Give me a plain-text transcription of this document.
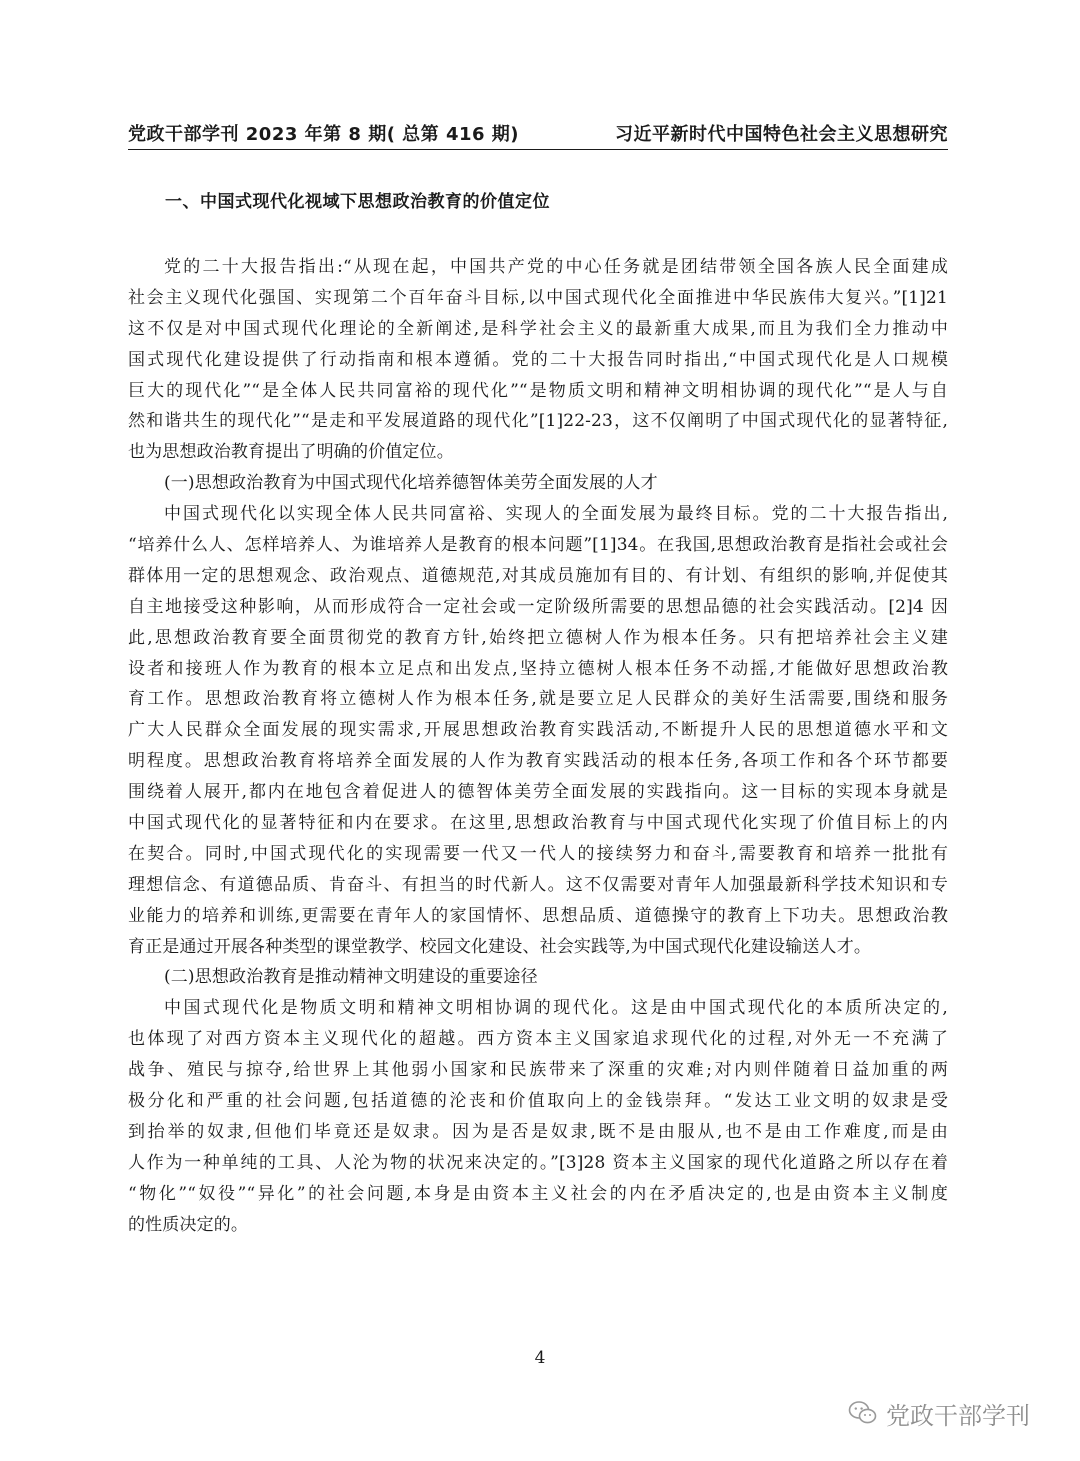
党政干部学刊 2023 年第 8 期( 总第 416 期)	习近平新时代中国特色社会主义思想研究
一、中国式现代化视域下思想政治教育的价值定位
党的二十大报告指出:“从现在起，中国共产党的中心任务就是团结带领全国各族人民全面建成
社会主义现代化强国、实现第二个百年奋斗目标,以中国式现代化全面推进中华民族伟大复兴。”[1]21
这不仅是对中国式现代化理论的全新阐述,是科学社会主义的最新重大成果,而且为我们全力推动中
国式现代化建设提供了行动指南和根本遵循。党的二十大报告同时指出,“中国式现代化是人口规模
巨大的现代化”“是全体人民共同富裕的现代化”“是物质文明和精神文明相协调的现代化”“是人与自
然和谐共生的现代化”“是走和平发展道路的现代化”[1]22-23，这不仅阐明了中国式现代化的显著特征,
也为思想政治教育提出了明确的价值定位。
(一)思想政治教育为中国式现代化培养德智体美劳全面发展的人才
中国式现代化以实现全体人民共同富裕、实现人的全面发展为最终目标。党的二十大报告指出,
“培养什么人、怎样培养人、为谁培养人是教育的根本问题”[1]34。在我国,思想政治教育是指社会或社会
群体用一定的思想观念、政治观点、道德规范,对其成员施加有目的、有计划、有组织的影响,并促使其
自主地接受这种影响，从而形成符合一定社会或一定阶级所需要的思想品德的社会实践活动。[2]4 因
此,思想政治教育要全面贯彻党的教育方针,始终把立德树人作为根本任务。只有把培养社会主义建
设者和接班人作为教育的根本立足点和出发点,坚持立德树人根本任务不动摇,才能做好思想政治教
育工作。思想政治教育将立德树人作为根本任务,就是要立足人民群众的美好生活需要,围绕和服务
广大人民群众全面发展的现实需求,开展思想政治教育实践活动,不断提升人民的思想道德水平和文
明程度。思想政治教育将培养全面发展的人作为教育实践活动的根本任务,各项工作和各个环节都要
围绕着人展开,都内在地包含着促进人的德智体美劳全面发展的实践指向。这一目标的实现本身就是
中国式现代化的显著特征和内在要求。在这里,思想政治教育与中国式现代化实现了价值目标上的内
在契合。同时,中国式现代化的实现需要一代又一代人的接续努力和奋斗,需要教育和培养一批批有
理想信念、有道德品质、肯奋斗、有担当的时代新人。这不仅需要对青年人加强最新科学技术知识和专
业能力的培养和训练,更需要在青年人的家国情怀、思想品质、道德操守的教育上下功夫。思想政治教
育正是通过开展各种类型的课堂教学、校园文化建设、社会实践等,为中国式现代化建设输送人才。
(二)思想政治教育是推动精神文明建设的重要途径
中国式现代化是物质文明和精神文明相协调的现代化。这是由中国式现代化的本质所决定的,
也体现了对西方资本主义现代化的超越。西方资本主义国家追求现代化的过程,对外无一不充满了
战争、殖民与掠夺,给世界上其他弱小国家和民族带来了深重的灾难;对内则伴随着日益加重的两
极分化和严重的社会问题,包括道德的沦丧和价值取向上的金钱崇拜。“发达工业文明的奴隶是受
到抬举的奴隶,但他们毕竟还是奴隶。因为是否是奴隶,既不是由服从,也不是由工作难度,而是由
人作为一种单纯的工具、人沦为物的状况来决定的。”[3]28 资本主义国家的现代化道路之所以存在着
“物化”“奴役”“异化”的社会问题,本身是由资本主义社会的内在矛盾决定的,也是由资本主义制度
的性质决定的。
4
党政干部学刊
